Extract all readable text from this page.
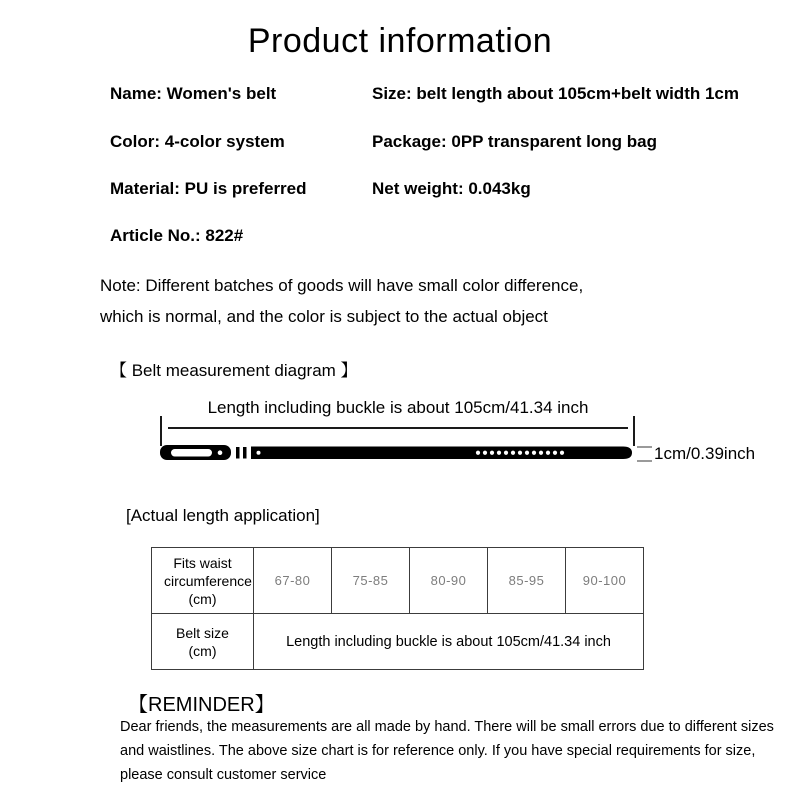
Product information
Name: Women's belt	Size: belt length about 105cm+belt width 1cm
Color: 4-color system	Package: 0PP transparent long bag
Material: PU is preferred	Net weight: 0.043kg
Article No.: 822#
Note: Different batches of goods will have small color difference,
which is normal, and the color is subject to the actual object
【 Belt measurement diagram 】
Length including buckle is about 105cm/41.34 inch
1cm/0.39inch
[Actual length application]
Fits waist circumference (cm)	67-80	75-85	80-90	85-95	90-100
Belt size (cm)	Length including buckle is about 105cm/41.34 inch				
【REMINDER】
Dear friends, the measurements are all made by hand. There will be small errors due to different sizes
and waistlines. The above size chart is for reference only. If you have special requirements for size,
please consult customer service
